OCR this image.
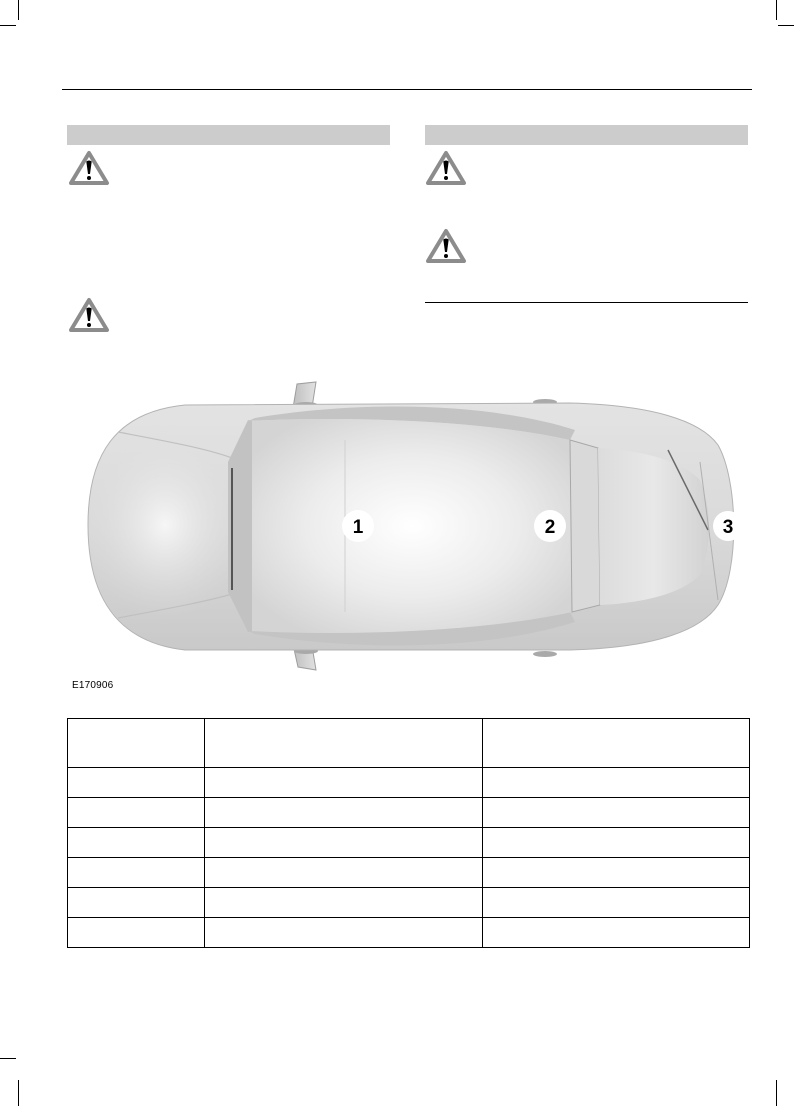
1	2	3
E170906
